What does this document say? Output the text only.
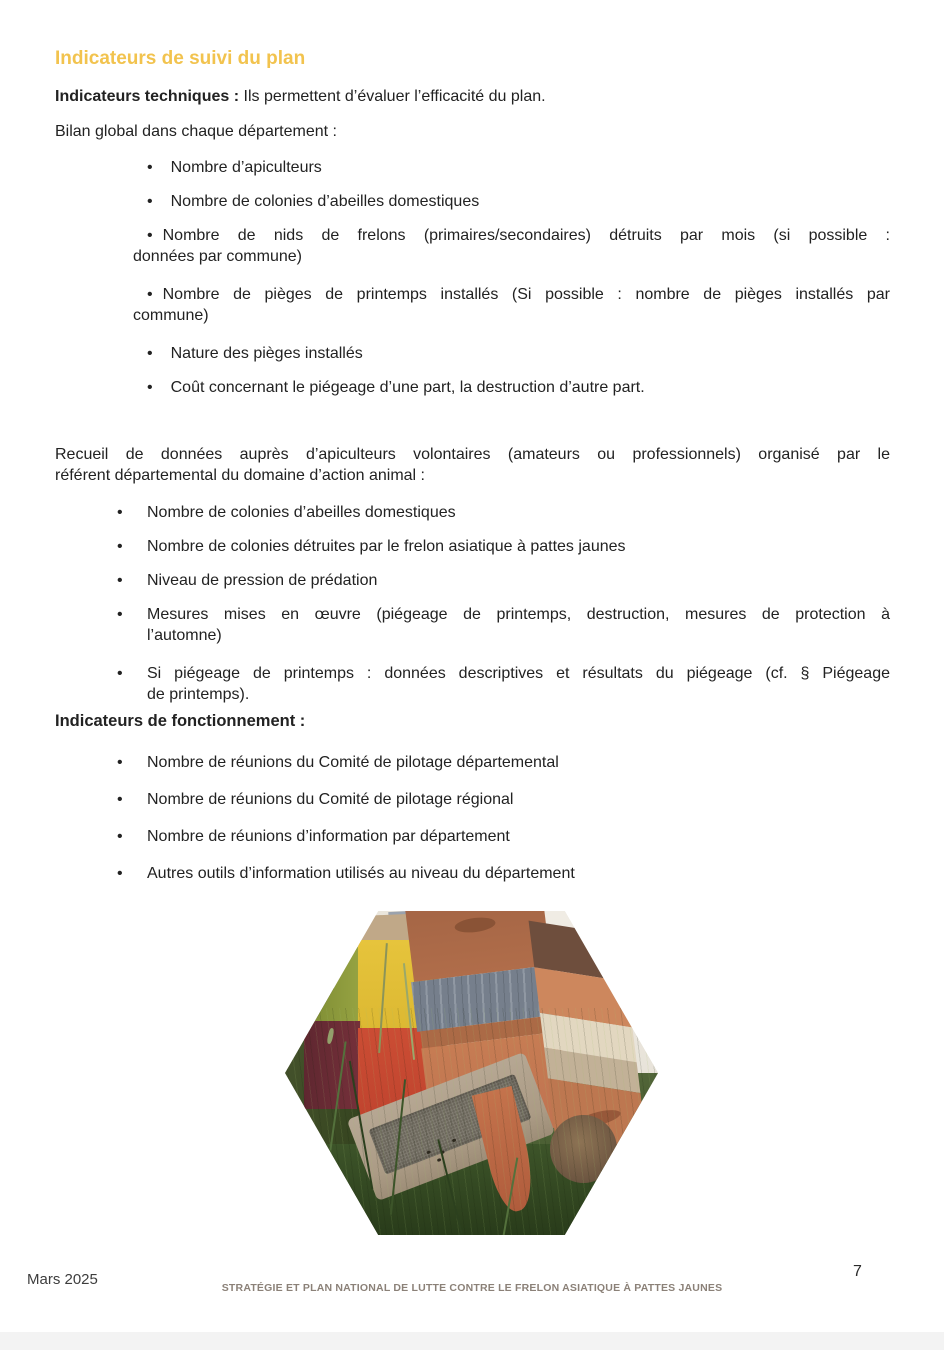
Indicateurs de suivi du plan
Indicateurs techniques : Ils permettent d’évaluer l’efficacité du plan.
Bilan global dans chaque département :
• Nombre d’apiculteurs
• Nombre de colonies d’abeilles domestiques
• Nombre de nids de frelons (primaires/secondaires) détruits par mois (si possible :
données par commune)
• Nombre de pièges de printemps installés (Si possible : nombre de pièges installés par
commune)
• Nature des pièges installés
• Coût concernant le piégeage d’une part, la destruction d’autre part.
Recueil de données auprès d’apiculteurs volontaires (amateurs ou professionnels) organisé par le
référent départemental du domaine d’action animal :
• Nombre de colonies d’abeilles domestiques
• Nombre de colonies détruites par le frelon asiatique à pattes jaunes
• Niveau de pression de prédation
• Mesures mises en œuvre (piégeage de printemps, destruction, mesures de protection à
l’automne)
• Si piégeage de printemps : données descriptives et résultats du piégeage (cf. § Piégeage
de printemps).
Indicateurs de fonctionnement :
• Nombre de réunions du Comité de pilotage départemental
• Nombre de réunions du Comité de pilotage régional
• Nombre de réunions d’information par département
• Autres outils d’information utilisés au niveau du département
Mars 2025	STRATÉGIE ET PLAN NATIONAL DE LUTTE CONTRE LE FRELON ASIATIQUE À PATTES JAUNES
7
